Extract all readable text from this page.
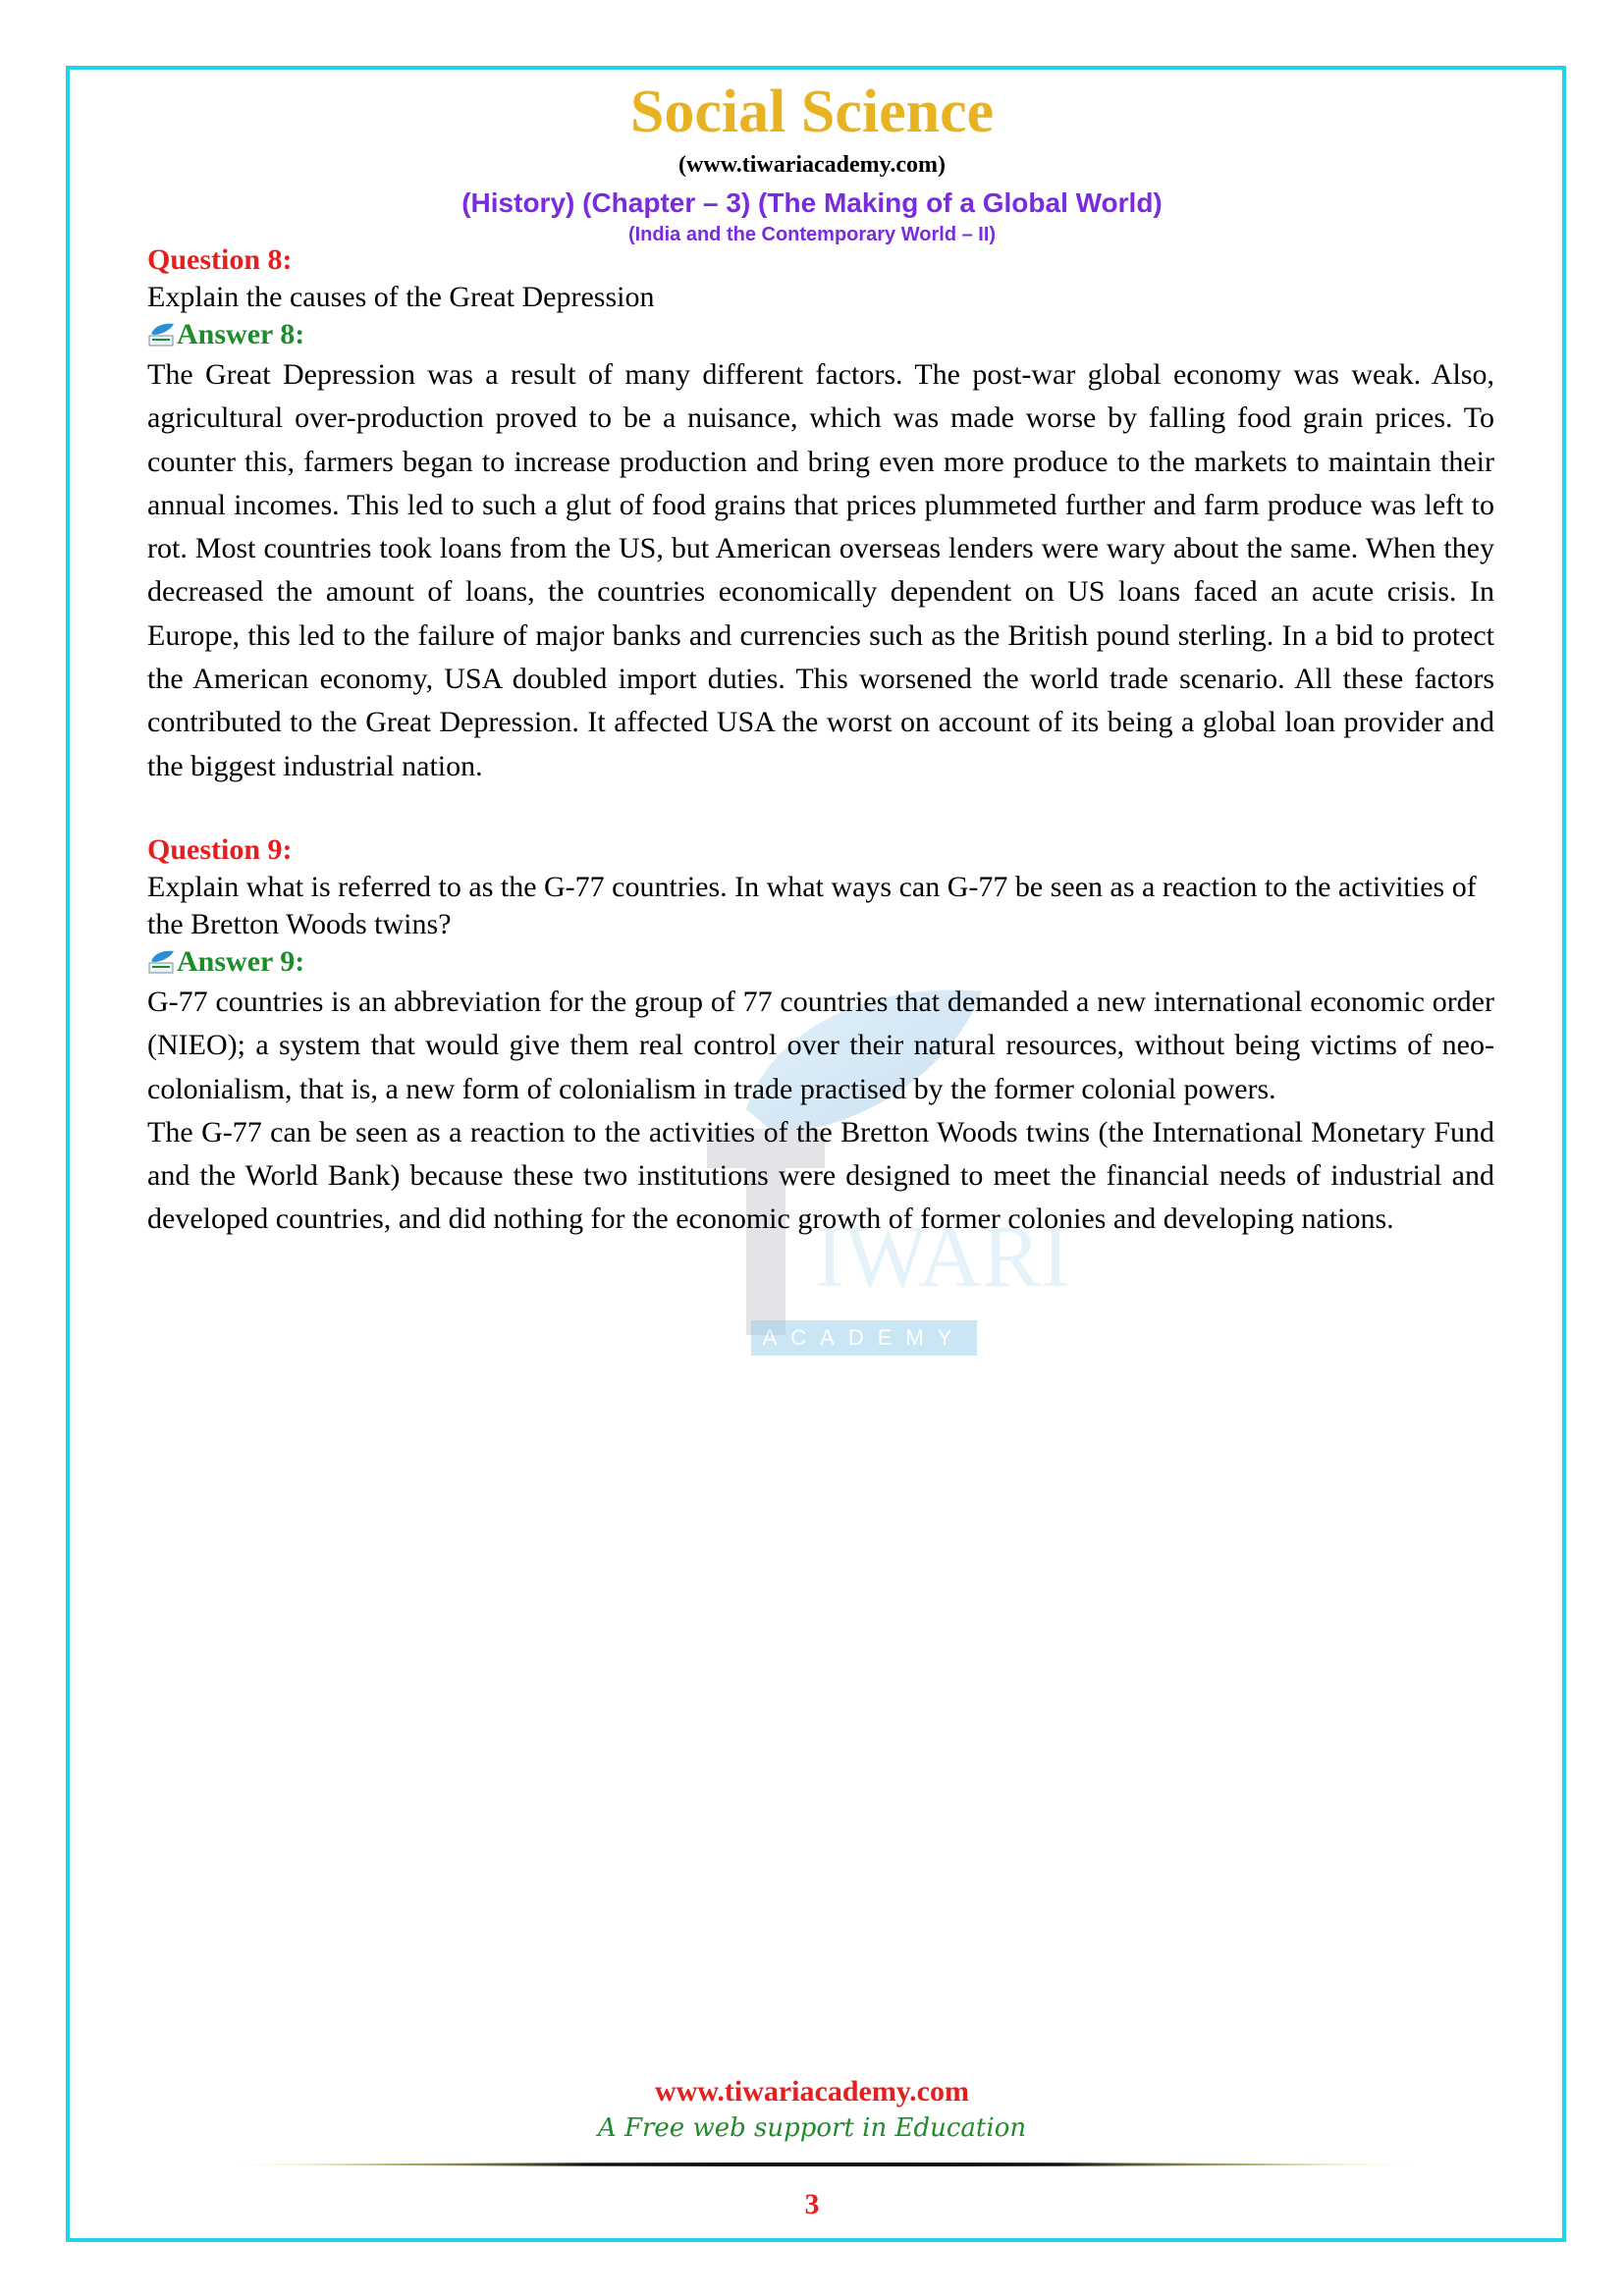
IWARI
ACADEMY
Social Science
(www.tiwariacademy.com)
(History) (Chapter – 3) (The Making of a Global World)
(India and the Contemporary World – II)
Question 8:
Explain the causes of the Great Depression
Answer 8:
The Great Depression was a result of many different factors. The post-war global economy was weak. Also, agricultural over-production proved to be a nuisance, which was made worse by falling food grain prices. To counter this, farmers began to increase production and bring even more produce to the markets to maintain their annual incomes. This led to such a glut of food grains that prices plummeted further and farm produce was left to rot. Most countries took loans from the US, but American overseas lenders were wary about the same. When they decreased the amount of loans, the countries economically dependent on US loans faced an acute crisis. In Europe, this led to the failure of major banks and currencies such as the British pound sterling. In a bid to protect the American economy, USA doubled import duties. This worsened the world trade scenario. All these factors contributed to the Great Depression. It affected USA the worst on account of its being a global loan provider and the biggest industrial nation.
Question 9:
Explain what is referred to as the G-77 countries. In what ways can G-77 be seen as a reaction to the activities of the Bretton Woods twins?
Answer 9:
G-77 countries is an abbreviation for the group of 77 countries that demanded a new international economic order (NIEO); a system that would give them real control over their natural resources, without being victims of neo-colonialism, that is, a new form of colonialism in trade practised by the former colonial powers.
The G-77 can be seen as a reaction to the activities of the Bretton Woods twins (the International Monetary Fund and the World Bank) because these two institutions were designed to meet the financial needs of industrial and developed countries, and did nothing for the economic growth of former colonies and developing nations.
www.tiwariacademy.com
A Free web support in Education
3
